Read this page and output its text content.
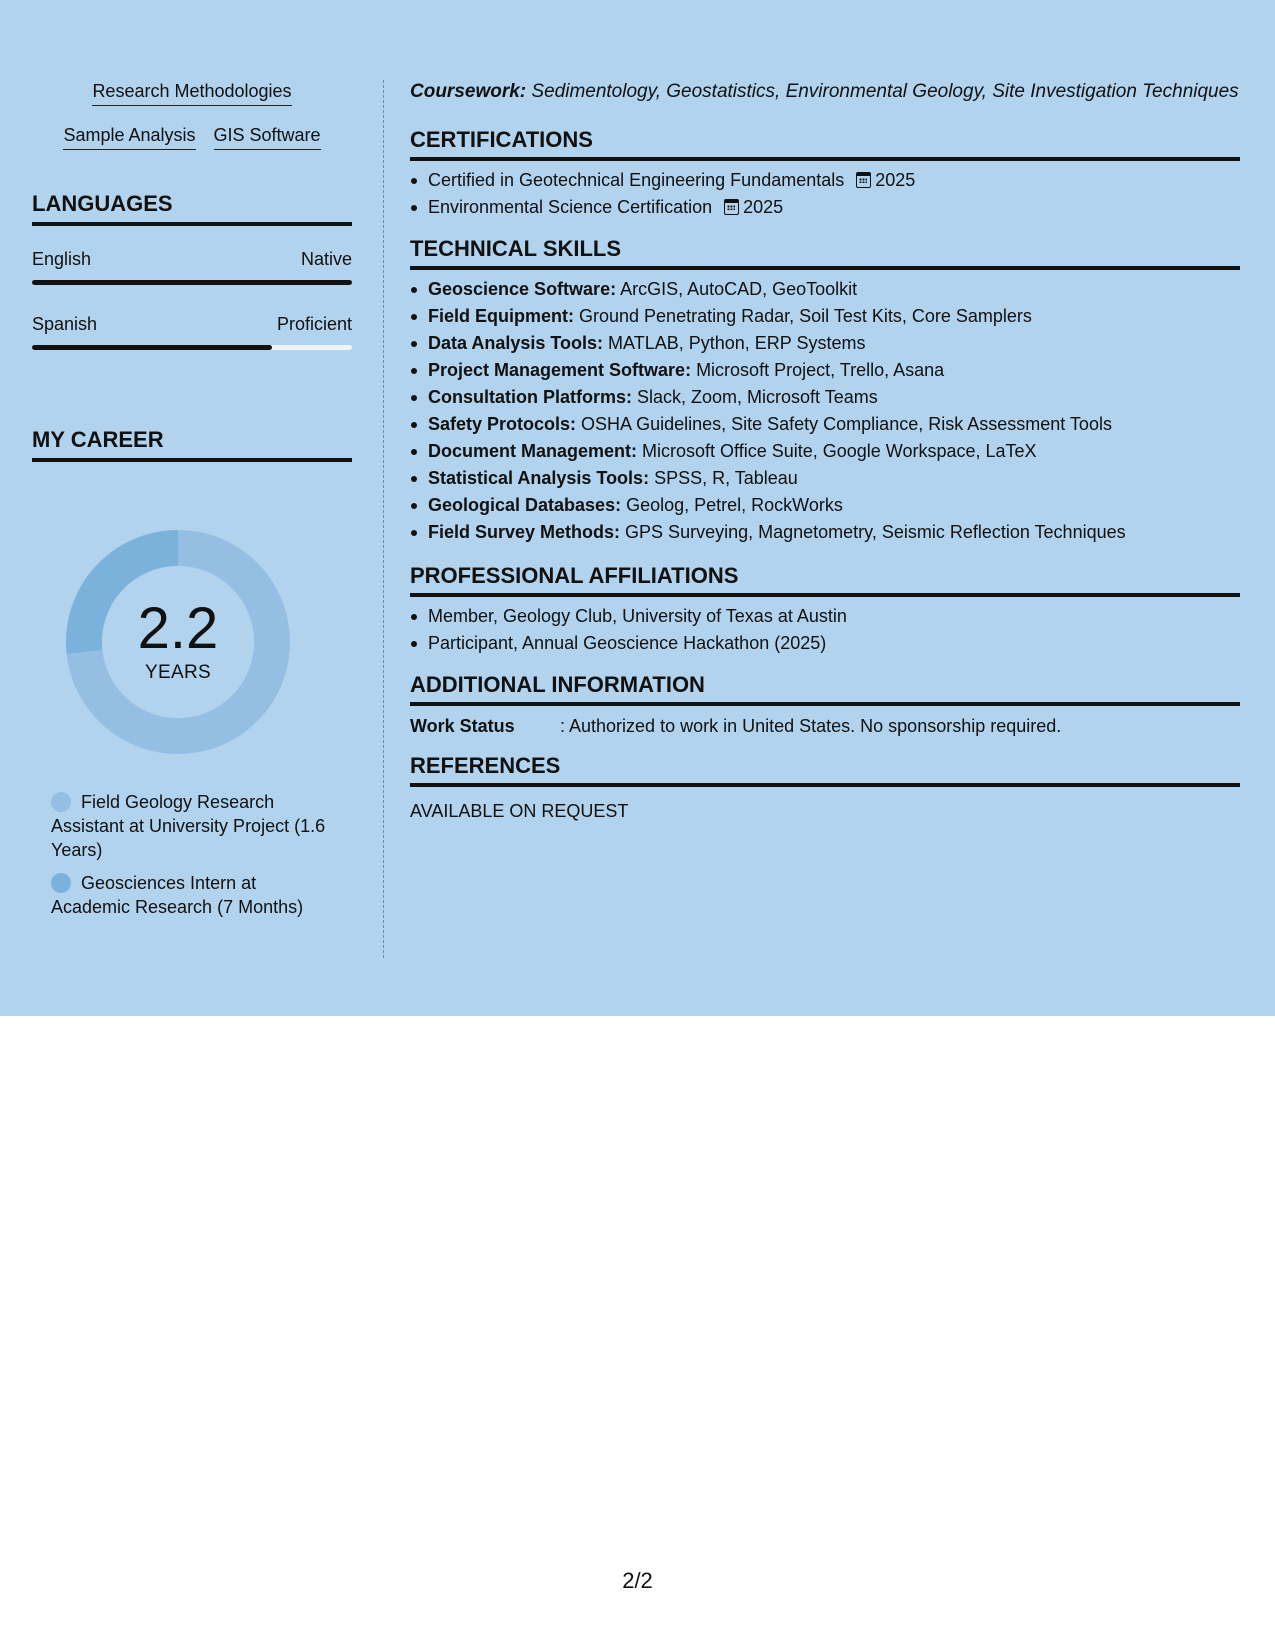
Research Methodologies
Sample Analysis GIS Software
LANGUAGES
English	Native
Spanish	Proficient
MY CAREER
2.2
YEARS
Field Geology Research Assistant at University Project (1.6 Years)
Geosciences Intern at Academic Research (7 Months)
Coursework: Sedimentology, Geostatistics, Environmental Geology, Site Investigation Techniques
CERTIFICATIONS
Certified in Geotechnical Engineering Fundamentals 2025
Environmental Science Certification 2025
TECHNICAL SKILLS
Geoscience Software: ArcGIS, AutoCAD, GeoToolkit
Field Equipment: Ground Penetrating Radar, Soil Test Kits, Core Samplers
Data Analysis Tools: MATLAB, Python, ERP Systems
Project Management Software: Microsoft Project, Trello, Asana
Consultation Platforms: Slack, Zoom, Microsoft Teams
Safety Protocols: OSHA Guidelines, Site Safety Compliance, Risk Assessment Tools
Document Management: Microsoft Office Suite, Google Workspace, LaTeX
Statistical Analysis Tools: SPSS, R, Tableau
Geological Databases: Geolog, Petrel, RockWorks
Field Survey Methods: GPS Surveying, Magnetometry, Seismic Reflection Techniques
PROFESSIONAL AFFILIATIONS
Member, Geology Club, University of Texas at Austin
Participant, Annual Geoscience Hackathon (2025)
ADDITIONAL INFORMATION
Work Status	: Authorized to work in United States. No sponsorship required.
REFERENCES
AVAILABLE ON REQUEST
2/2
